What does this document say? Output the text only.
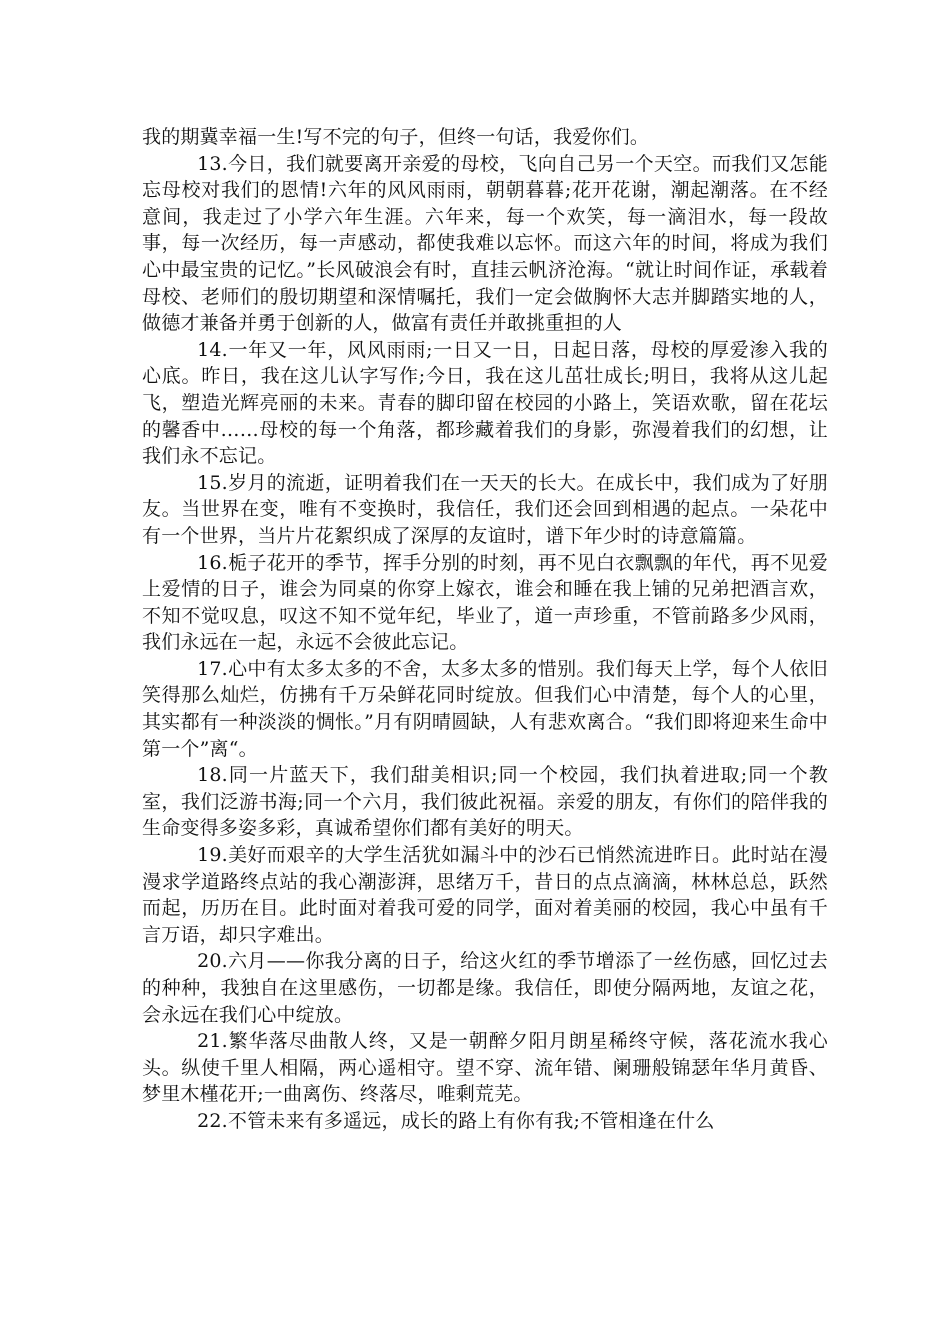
我的期冀幸福一生!写不完的句子，但终一句话，我爱你们。

13.今日，我们就要离开亲爱的母校，飞向自己另一个天空。而我们又怎能忘母校对我们的恩情!六年的风风雨雨，朝朝暮暮;花开花谢，潮起潮落。在不经意间，我走过了小学六年生涯。六年来，每一个欢笑，每一滴泪水，每一段故事，每一次经历，每一声感动，都使我难以忘怀。而这六年的时间，将成为我们心中最宝贵的记忆。”长风破浪会有时，直挂云帆济沧海。“就让时间作证，承载着母校、老师们的殷切期望和深情嘱托，我们一定会做胸怀大志并脚踏实地的人，做德才兼备并勇于创新的人，做富有责任并敢挑重担的人

14.一年又一年，风风雨雨;一日又一日，日起日落，母校的厚爱渗入我的心底。昨日，我在这儿认字写作;今日，我在这儿茁壮成长;明日，我将从这儿起飞，塑造光辉亮丽的未来。青春的脚印留在校园的小路上，笑语欢歌，留在花坛的馨香中……母校的每一个角落，都珍藏着我们的身影，弥漫着我们的幻想，让我们永不忘记。

15.岁月的流逝，证明着我们在一天天的长大。在成长中，我们成为了好朋友。当世界在变，唯有不变换时，我信任，我们还会回到相遇的起点。一朵花中有一个世界，当片片花絮织成了深厚的友谊时，谱下年少时的诗意篇篇。

16.栀子花开的季节，挥手分别的时刻，再不见白衣飘飘的年代，再不见爱上爱情的日子，谁会为同桌的你穿上嫁衣，谁会和睡在我上铺的兄弟把酒言欢，不知不觉叹息，叹这不知不觉年纪，毕业了，道一声珍重，不管前路多少风雨，我们永远在一起，永远不会彼此忘记。

17.心中有太多太多的不舍，太多太多的惜别。我们每天上学，每个人依旧笑得那么灿烂，仿拂有千万朵鲜花同时绽放。但我们心中清楚，每个人的心里，其实都有一种淡淡的惆怅。”月有阴晴圆缺，人有悲欢离合。“我们即将迎来生命中第一个”离“。

18.同一片蓝天下，我们甜美相识;同一个校园，我们执着进取;同一个教室，我们泛游书海;同一个六月，我们彼此祝福。亲爱的朋友，有你们的陪伴我的生命变得多姿多彩，真诚希望你们都有美好的明天。

19.美好而艰辛的大学生活犹如漏斗中的沙石已悄然流进昨日。此时站在漫漫求学道路终点站的我心潮澎湃，思绪万千，昔日的点点滴滴，林林总总，跃然而起，历历在目。此时面对着我可爱的同学，面对着美丽的校园，我心中虽有千言万语，却只字难出。

20.六月——你我分离的日子，给这火红的季节增添了一丝伤感，回忆过去的种种，我独自在这里感伤，一切都是缘。我信任，即使分隔两地，友谊之花，会永远在我们心中绽放。

21.繁华落尽曲散人终，又是一朝醉夕阳月朗星稀终守候，落花流水我心头。纵使千里人相隔，两心遥相守。望不穿、流年错、阑珊般锦瑟年华月黄昏、梦里木槿花开;一曲离伤、终落尽，唯剩荒芜。

22.不管未来有多遥远，成长的路上有你有我;不管相逢在什么
